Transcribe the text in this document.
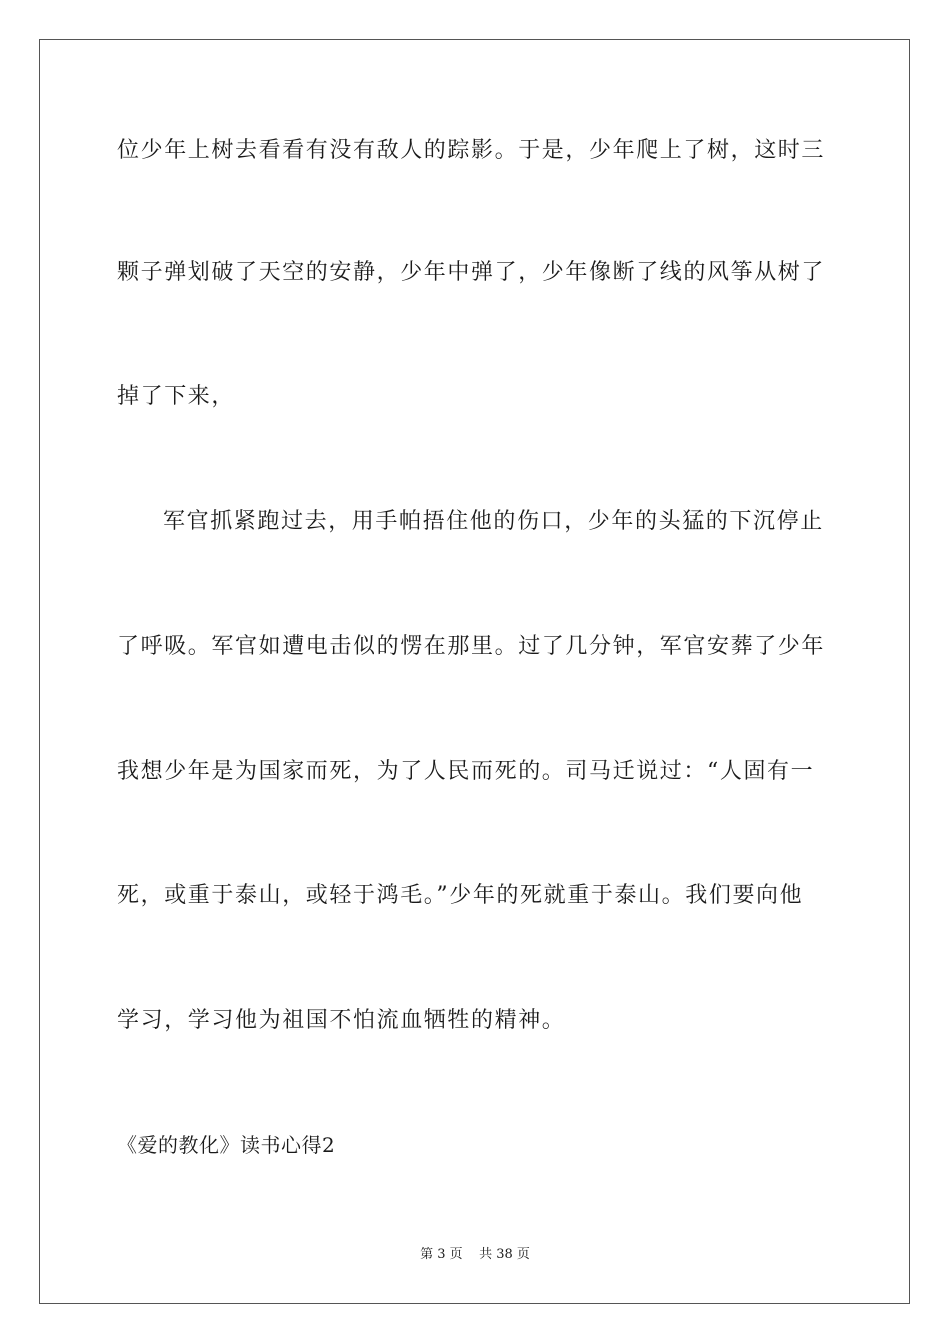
位少年上树去看看有没有敌人的踪影。于是，少年爬上了树，这时三
颗子弹划破了天空的安静，少年中弹了，少年像断了线的风筝从树了
掉了下来，
军官抓紧跑过去，用手帕捂住他的伤口，少年的头猛的下沉停止
了呼吸。军官如遭电击似的愣在那里。过了几分钟，军官安葬了少年
我想少年是为国家而死，为了人民而死的。司马迁说过：“人固有一
死，或重于泰山，或轻于鸿毛。”少年的死就重于泰山。我们要向他
学习，学习他为祖国不怕流血牺牲的精神。
《爱的教化》读书心得2
第 3 页    共 38 页
